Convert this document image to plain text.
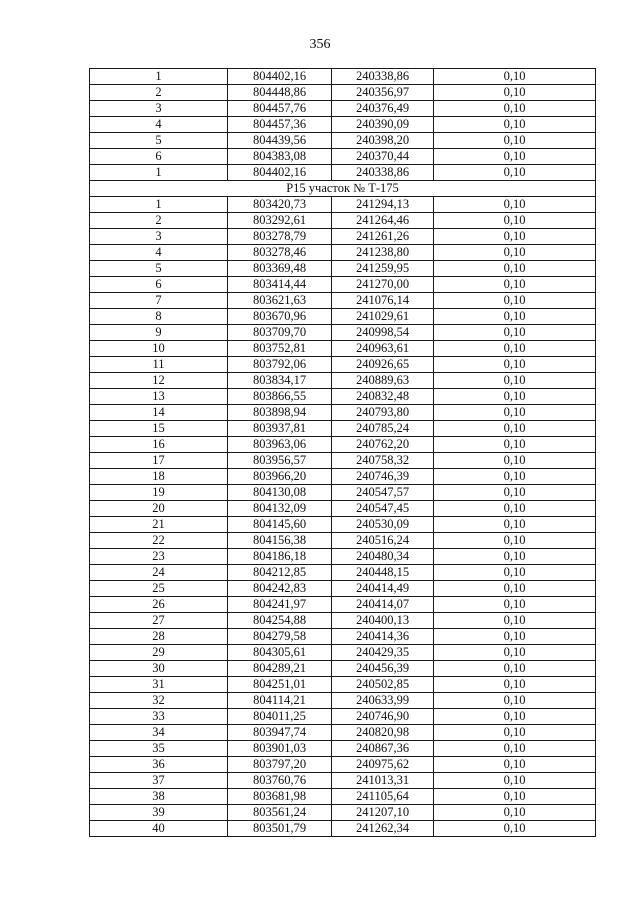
356
1	804402,16	240338,86	0,10
2	804448,86	240356,97	0,10
3	804457,76	240376,49	0,10
4	804457,36	240390,09	0,10
5	804439,56	240398,20	0,10
6	804383,08	240370,44	0,10
1	804402,16	240338,86	0,10
P15 участок № Т-175			
1	803420,73	241294,13	0,10
2	803292,61	241264,46	0,10
3	803278,79	241261,26	0,10
4	803278,46	241238,80	0,10
5	803369,48	241259,95	0,10
6	803414,44	241270,00	0,10
7	803621,63	241076,14	0,10
8	803670,96	241029,61	0,10
9	803709,70	240998,54	0,10
10	803752,81	240963,61	0,10
11	803792,06	240926,65	0,10
12	803834,17	240889,63	0,10
13	803866,55	240832,48	0,10
14	803898,94	240793,80	0,10
15	803937,81	240785,24	0,10
16	803963,06	240762,20	0,10
17	803956,57	240758,32	0,10
18	803966,20	240746,39	0,10
19	804130,08	240547,57	0,10
20	804132,09	240547,45	0,10
21	804145,60	240530,09	0,10
22	804156,38	240516,24	0,10
23	804186,18	240480,34	0,10
24	804212,85	240448,15	0,10
25	804242,83	240414,49	0,10
26	804241,97	240414,07	0,10
27	804254,88	240400,13	0,10
28	804279,58	240414,36	0,10
29	804305,61	240429,35	0,10
30	804289,21	240456,39	0,10
31	804251,01	240502,85	0,10
32	804114,21	240633,99	0,10
33	804011,25	240746,90	0,10
34	803947,74	240820,98	0,10
35	803901,03	240867,36	0,10
36	803797,20	240975,62	0,10
37	803760,76	241013,31	0,10
38	803681,98	241105,64	0,10
39	803561,24	241207,10	0,10
40	803501,79	241262,34	0,10
